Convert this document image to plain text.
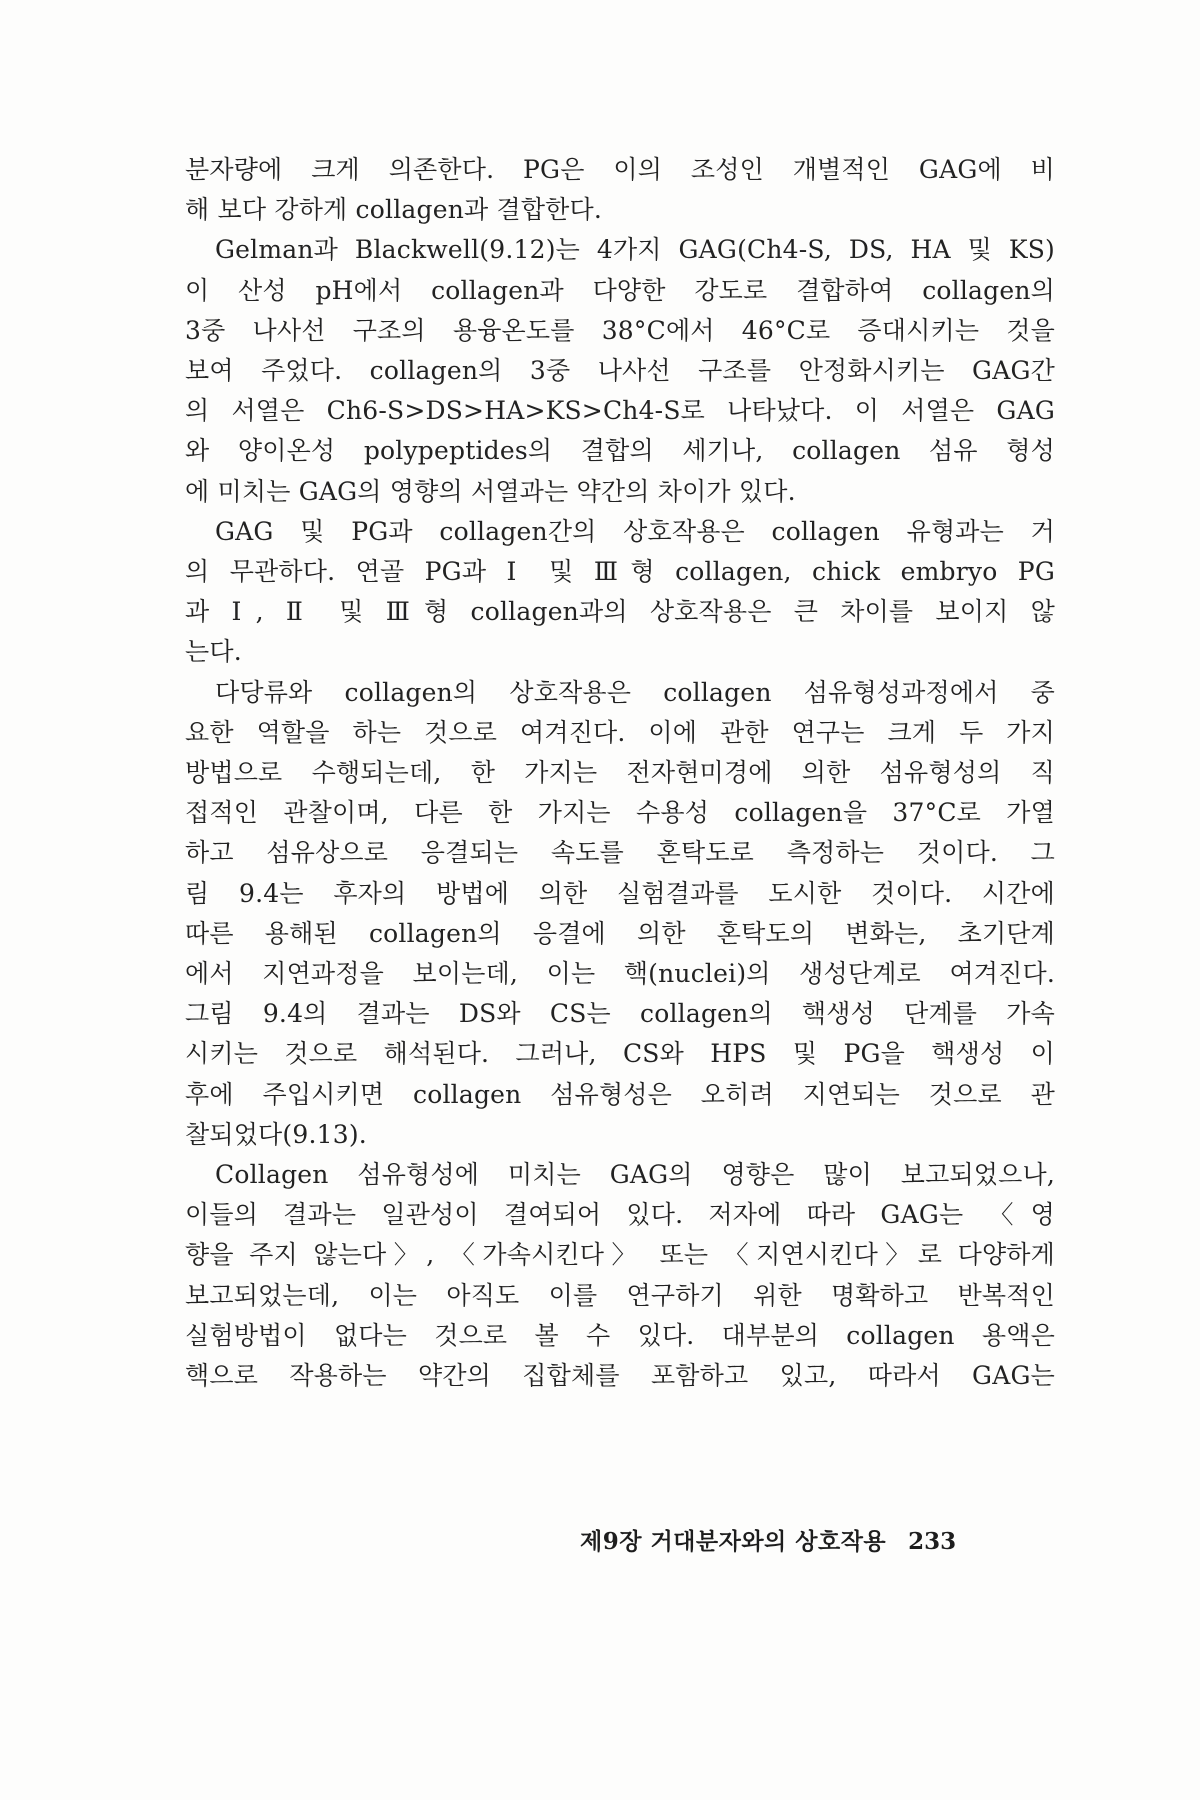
분자량에 크게 의존한다. PG은 이의 조성인 개별적인 GAG에 비
해 보다 강하게 collagen과 결합한다.
Gelman과 Blackwell(9.12)는 4가지 GAG(Ch4-S, DS, HA 및 KS)
이 산성 pH에서 collagen과 다양한 강도로 결합하여 collagen의
3중 나사선 구조의 용융온도를 38°C에서 46°C로 증대시키는 것을
보여 주었다. collagen의 3중 나사선 구조를 안정화시키는 GAG간
의 서열은 Ch6-S>DS>HA>KS>Ch4-S로 나타났다. 이 서열은 GAG
와 양이온성 polypeptides의 결합의 세기나, collagen 섬유 형성
에 미치는 GAG의 영향의 서열과는 약간의 차이가 있다.
GAG 및 PG과 collagen간의 상호작용은 collagen 유형과는 거
의 무관하다. 연골 PG과 Ⅰ 및 Ⅲ형 collagen, chick embryo PG
과 Ⅰ, Ⅱ 및 Ⅲ형 collagen과의 상호작용은 큰 차이를 보이지 않
는다.
다당류와 collagen의 상호작용은 collagen 섬유형성과정에서 중
요한 역할을 하는 것으로 여겨진다. 이에 관한 연구는 크게 두 가지
방법으로 수행되는데, 한 가지는 전자현미경에 의한 섬유형성의 직
접적인 관찰이며, 다른 한 가지는 수용성 collagen을 37°C로 가열
하고 섬유상으로 응결되는 속도를 혼탁도로 측정하는 것이다. 그
림 9.4는 후자의 방법에 의한 실험결과를 도시한 것이다. 시간에
따른 용해된 collagen의 응결에 의한 혼탁도의 변화는, 초기단계
에서 지연과정을 보이는데, 이는 핵(nuclei)의 생성단계로 여겨진다.
그림 9.4의 결과는 DS와 CS는 collagen의 핵생성 단계를 가속
시키는 것으로 해석된다. 그러나, CS와 HPS 및 PG을 핵생성 이
후에 주입시키면 collagen 섬유형성은 오히려 지연되는 것으로 관
찰되었다(9.13).
Collagen 섬유형성에 미치는 GAG의 영향은 많이 보고되었으나,
이들의 결과는 일관성이 결여되어 있다. 저자에 따라 GAG는 〈영
향을 주지 않는다〉, 〈가속시킨다〉 또는 〈지연시킨다〉로 다양하게
보고되었는데, 이는 아직도 이를 연구하기 위한 명확하고 반복적인
실험방법이 없다는 것으로 볼 수 있다. 대부분의 collagen 용액은
핵으로 작용하는 약간의 집합체를 포함하고 있고, 따라서 GAG는
제9장 거대분자와의 상호작용 233
